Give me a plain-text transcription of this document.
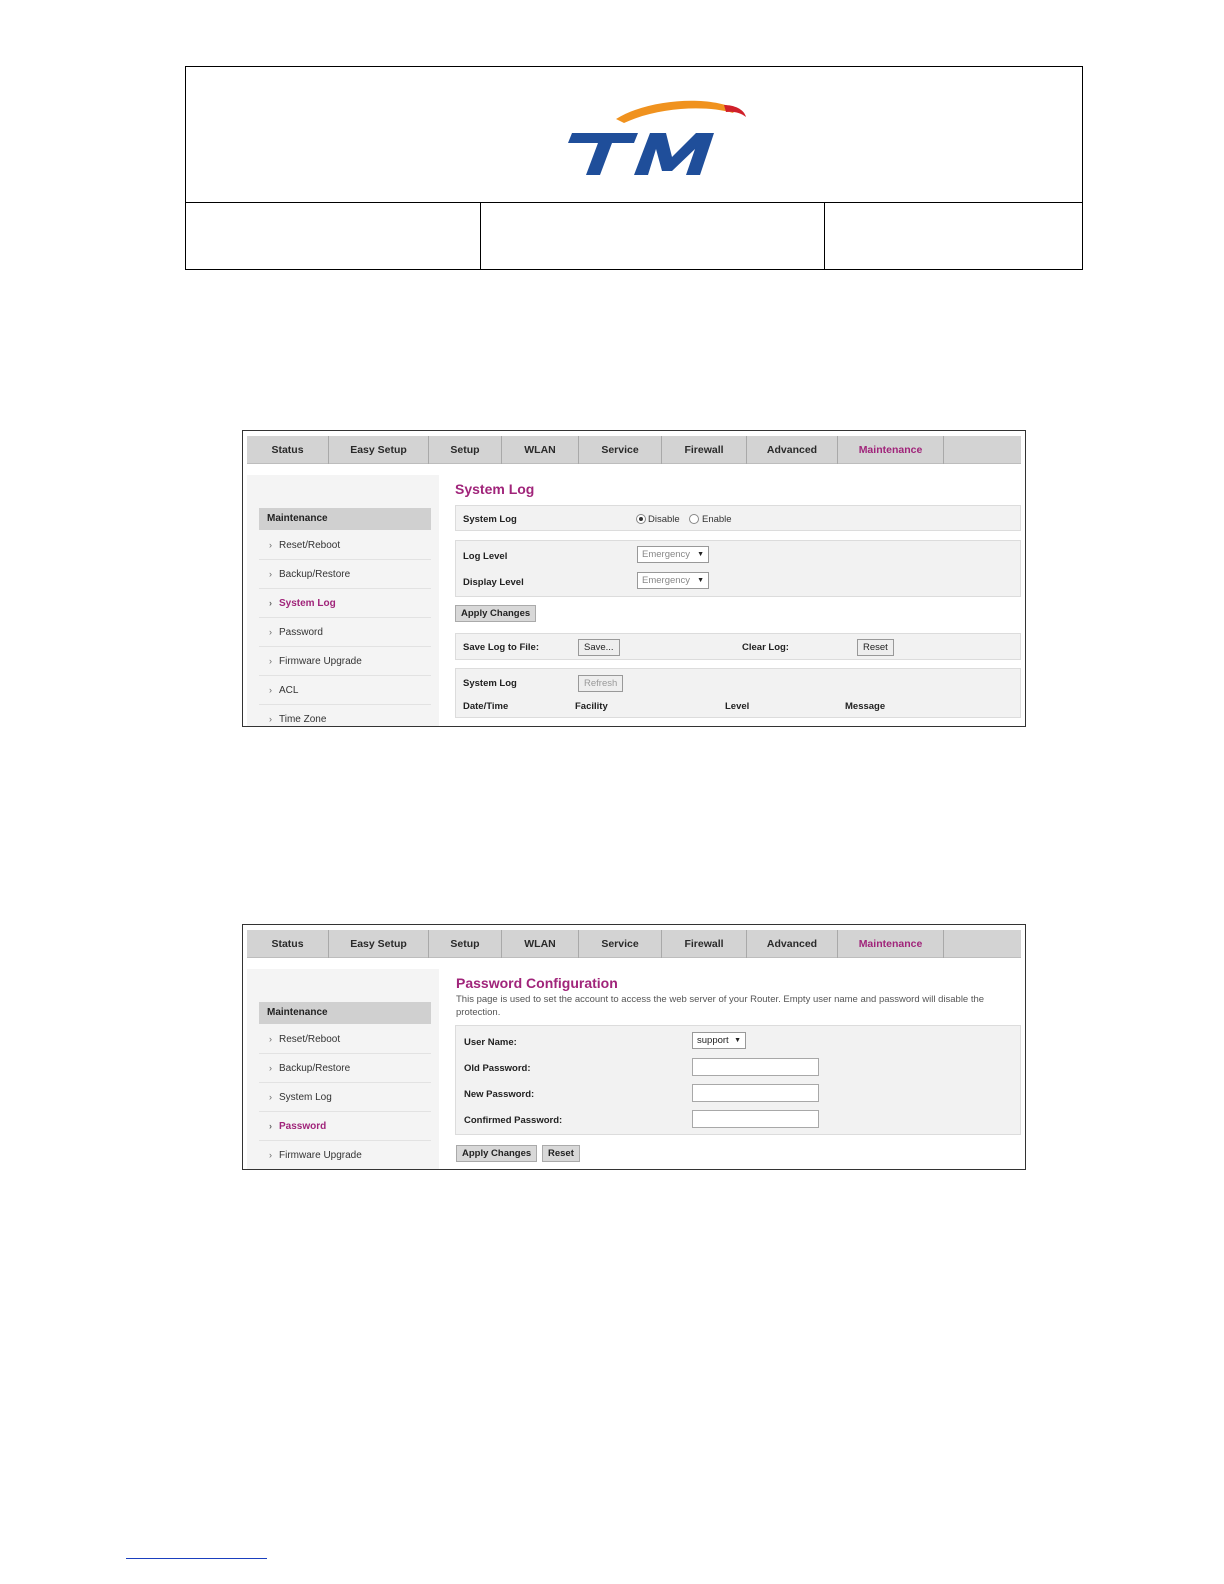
Status	Easy Setup	Setup	WLAN	Service	Firewall	Advanced	Maintenance
Maintenance
› Reset/Reboot
› Backup/Restore
› System Log
› Password
› Firmware Upgrade
› ACL
› Time Zone
System Log
System Log	Disable Enable
Log Level	Emergency ▼
Display Level	Emergency ▼
Apply Changes
Save Log to File:	Save...	Clear Log:	Reset
System Log	Refresh
Date/Time	Facility	Level	Message
Status	Easy Setup	Setup	WLAN	Service	Firewall	Advanced	Maintenance
Maintenance
› Reset/Reboot
› Backup/Restore
› System Log
› Password
› Firmware Upgrade
Password Configuration
This page is used to set the account to access the web server of your Router. Empty user name and password will disable the protection.
User Name:	support ▼
Old Password:
New Password:
Confirmed Password:
Apply Changes	Reset
